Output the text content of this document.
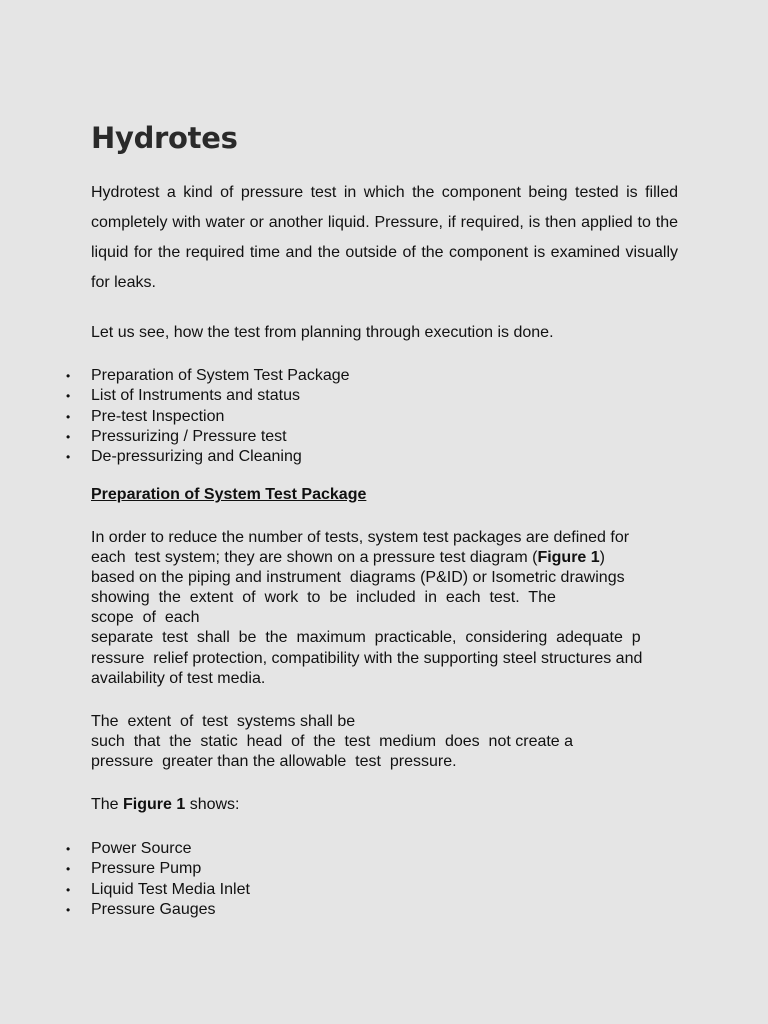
Hydrotes

Hydrotest a kind of pressure test in which the component being tested is filled completely with water or another liquid. Pressure, if required, is then applied to the liquid for the required time and the outside of the component is examined visually for leaks.

Let us see, how the test from planning through execution is done.

• Preparation of System Test Package
• List of Instruments and status
• Pre-test Inspection
• Pressurizing / Pressure test
• De-pressurizing and Cleaning
Preparation of System Test Package
In order to reduce the number of tests, system test packages are defined for
each  test system; they are shown on a pressure test diagram (Figure 1)
based on the piping and instrument  diagrams (P&ID) or Isometric drawings
showing  the  extent  of  work  to  be  included  in  each  test.  The
scope  of  each
separate  test  shall  be  the  maximum  practicable,  considering  adequate  p
ressure  relief protection, compatibility with the supporting steel structures and
availability of test media.
The  extent  of  test  systems shall be
such  that  the  static  head  of  the  test  medium  does  not create a
pressure  greater than the allowable  test  pressure.

The Figure 1 shows:

• Power Source
• Pressure Pump
• Liquid Test Media Inlet
• Pressure Gauges
